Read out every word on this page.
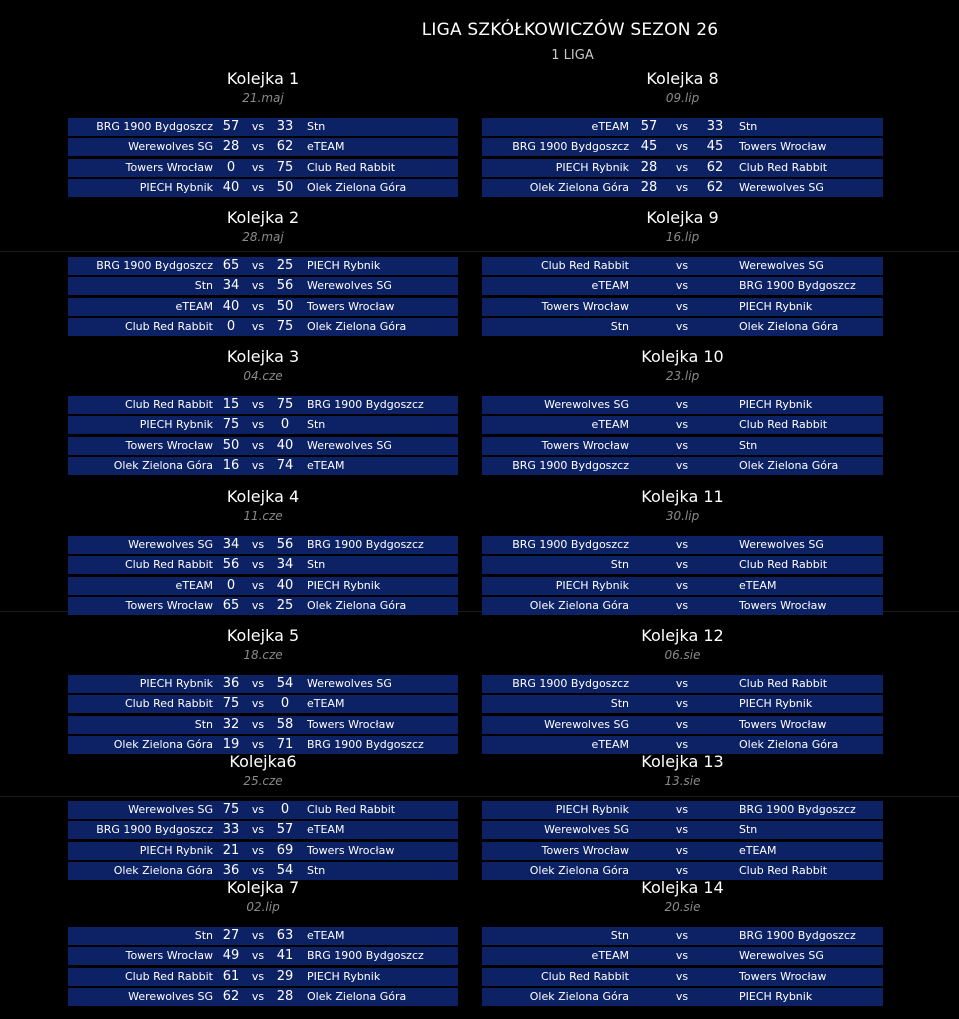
LIGA SZKÓŁKOWICZÓW SEZON 26
1 LIGA
Kolejka 1
21.maj
BRG 1900 Bydgoszcz 57	vs 33	Stn
Werewolves SG 28	vs 62	eTEAM
Towers Wrocław	0	vs 75	Club Red Rabbit
PIECH Rybnik 40	vs 50	Olek Zielona Góra
Kolejka 2
28.maj
BRG 1900 Bydgoszcz 65	vs 25	PIECH Rybnik
Stn 34	vs 56	Werewolves SG
eTEAM 40	vs 50	Towers Wrocław
Club Red Rabbit	0	vs 75	Olek Zielona Góra
Kolejka 3
04.cze
Club Red Rabbit 15	vs 75	BRG 1900 Bydgoszcz
PIECH Rybnik 75	vs	0	Stn
Towers Wrocław 50	vs 40	Werewolves SG
Olek Zielona Góra 16	vs 74	eTEAM
Kolejka 4
11.cze
Werewolves SG 34	vs 56	BRG 1900 Bydgoszcz
Club Red Rabbit 56	vs 34	Stn
eTEAM	0	vs 40	PIECH Rybnik
Towers Wrocław 65	vs 25	Olek Zielona Góra
Kolejka 5
18.cze
PIECH Rybnik 36	vs 54	Werewolves SG
Club Red Rabbit 75	vs	0	eTEAM
Stn 32	vs 58	Towers Wrocław
Olek Zielona Góra 19	vs 71	BRG 1900 Bydgoszcz
Kolejka6
25.cze
Werewolves SG 75	vs	0	Club Red Rabbit
BRG 1900 Bydgoszcz 33	vs 57	eTEAM
PIECH Rybnik 21	vs 69	Towers Wrocław
Olek Zielona Góra 36	vs 54	Stn
Kolejka 7
02.lip
Stn 27	vs 63	eTEAM
Towers Wrocław 49	vs 41	BRG 1900 Bydgoszcz
Club Red Rabbit 61	vs 29	PIECH Rybnik
Werewolves SG 62	vs 28	Olek Zielona Góra
Kolejka 8
09.lip
eTEAM 57	vs	33	Stn
BRG 1900 Bydgoszcz 45	vs	45	Towers Wrocław
PIECH Rybnik 28	vs	62	Club Red Rabbit
Olek Zielona Góra 28	vs	62	Werewolves SG
Kolejka 9
16.lip
Club Red Rabbit	vs	Werewolves SG
eTEAM	vs	BRG 1900 Bydgoszcz
Towers Wrocław	vs	PIECH Rybnik
Stn	vs	Olek Zielona Góra
Kolejka 10
23.lip
Werewolves SG	vs	PIECH Rybnik
eTEAM	vs	Club Red Rabbit
Towers Wrocław	vs	Stn
BRG 1900 Bydgoszcz	vs	Olek Zielona Góra
Kolejka 11
30.lip
BRG 1900 Bydgoszcz	vs	Werewolves SG
Stn	vs	Club Red Rabbit
PIECH Rybnik	vs	eTEAM
Olek Zielona Góra	vs	Towers Wrocław
Kolejka 12
06.sie
BRG 1900 Bydgoszcz	vs	Club Red Rabbit
Stn	vs	PIECH Rybnik
Werewolves SG	vs	Towers Wrocław
eTEAM	vs	Olek Zielona Góra
Kolejka 13
13.sie
PIECH Rybnik	vs	BRG 1900 Bydgoszcz
Werewolves SG	vs	Stn
Towers Wrocław	vs	eTEAM
Olek Zielona Góra	vs	Club Red Rabbit
Kolejka 14
20.sie
Stn	vs	BRG 1900 Bydgoszcz
eTEAM	vs	Werewolves SG
Club Red Rabbit	vs	Towers Wrocław
Olek Zielona Góra	vs	PIECH Rybnik
